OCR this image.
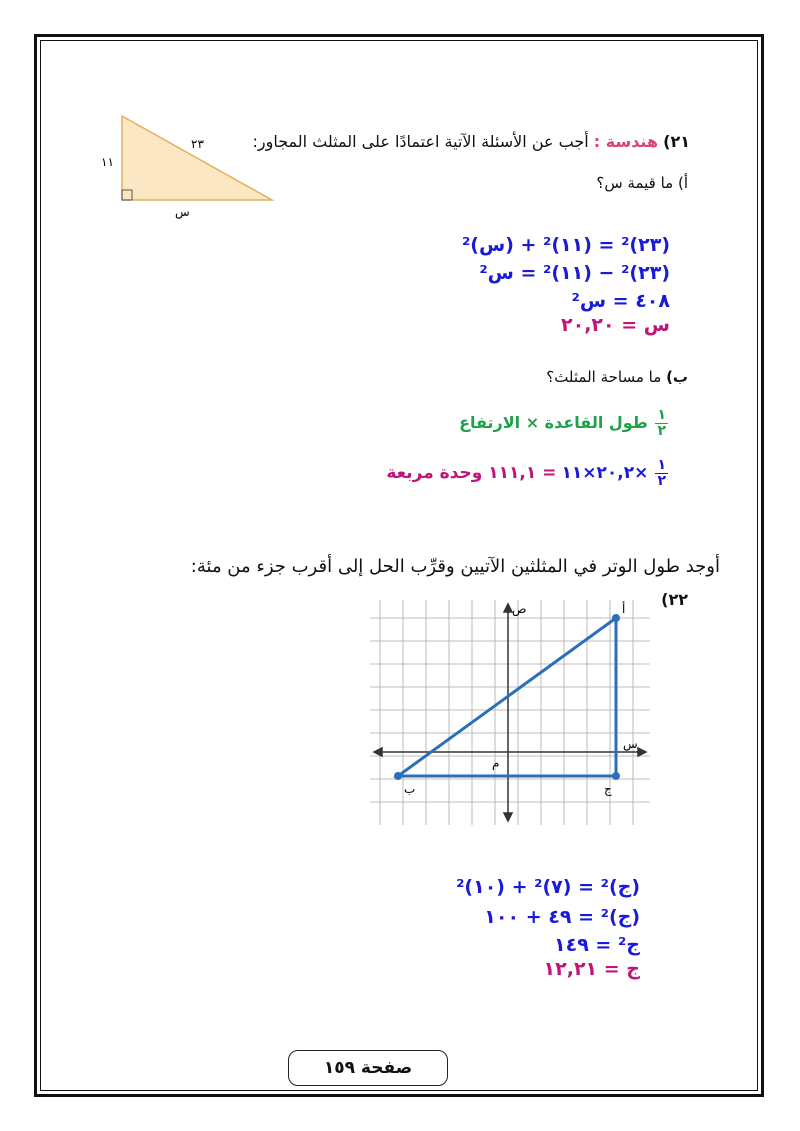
٢١) هندسة : أجب عن الأسئلة الآتية اعتمادًا على المثلث المجاور:
١١
٢٣
س
أ) ما قيمة س؟
(٢٣)² = (١١)² + (س)²
(٢٣)² − (١١)² = س²
٤٠٨ = س²
س = ٢٠,٢٠
ب) ما مساحة المثلث؟
$\frac{١}{٢}$
طول القاعدة × الارتفاع
$\frac{١}{٢}$
×٢٠,٢×١١ = ١١١,١ وحدة مربعة
أوجد طول الوتر في المثلثين الآتيين وقرِّب الحل إلى أقرب جزء من مئة:
٢٢)
ص
س
م
أ
ب	ج
(ج)² = (٧)² + (١٠)²
(ج)² = ٤٩ + ١٠٠
ج² = ١٤٩
ج = ١٢,٢١
صفحة ١٥٩
